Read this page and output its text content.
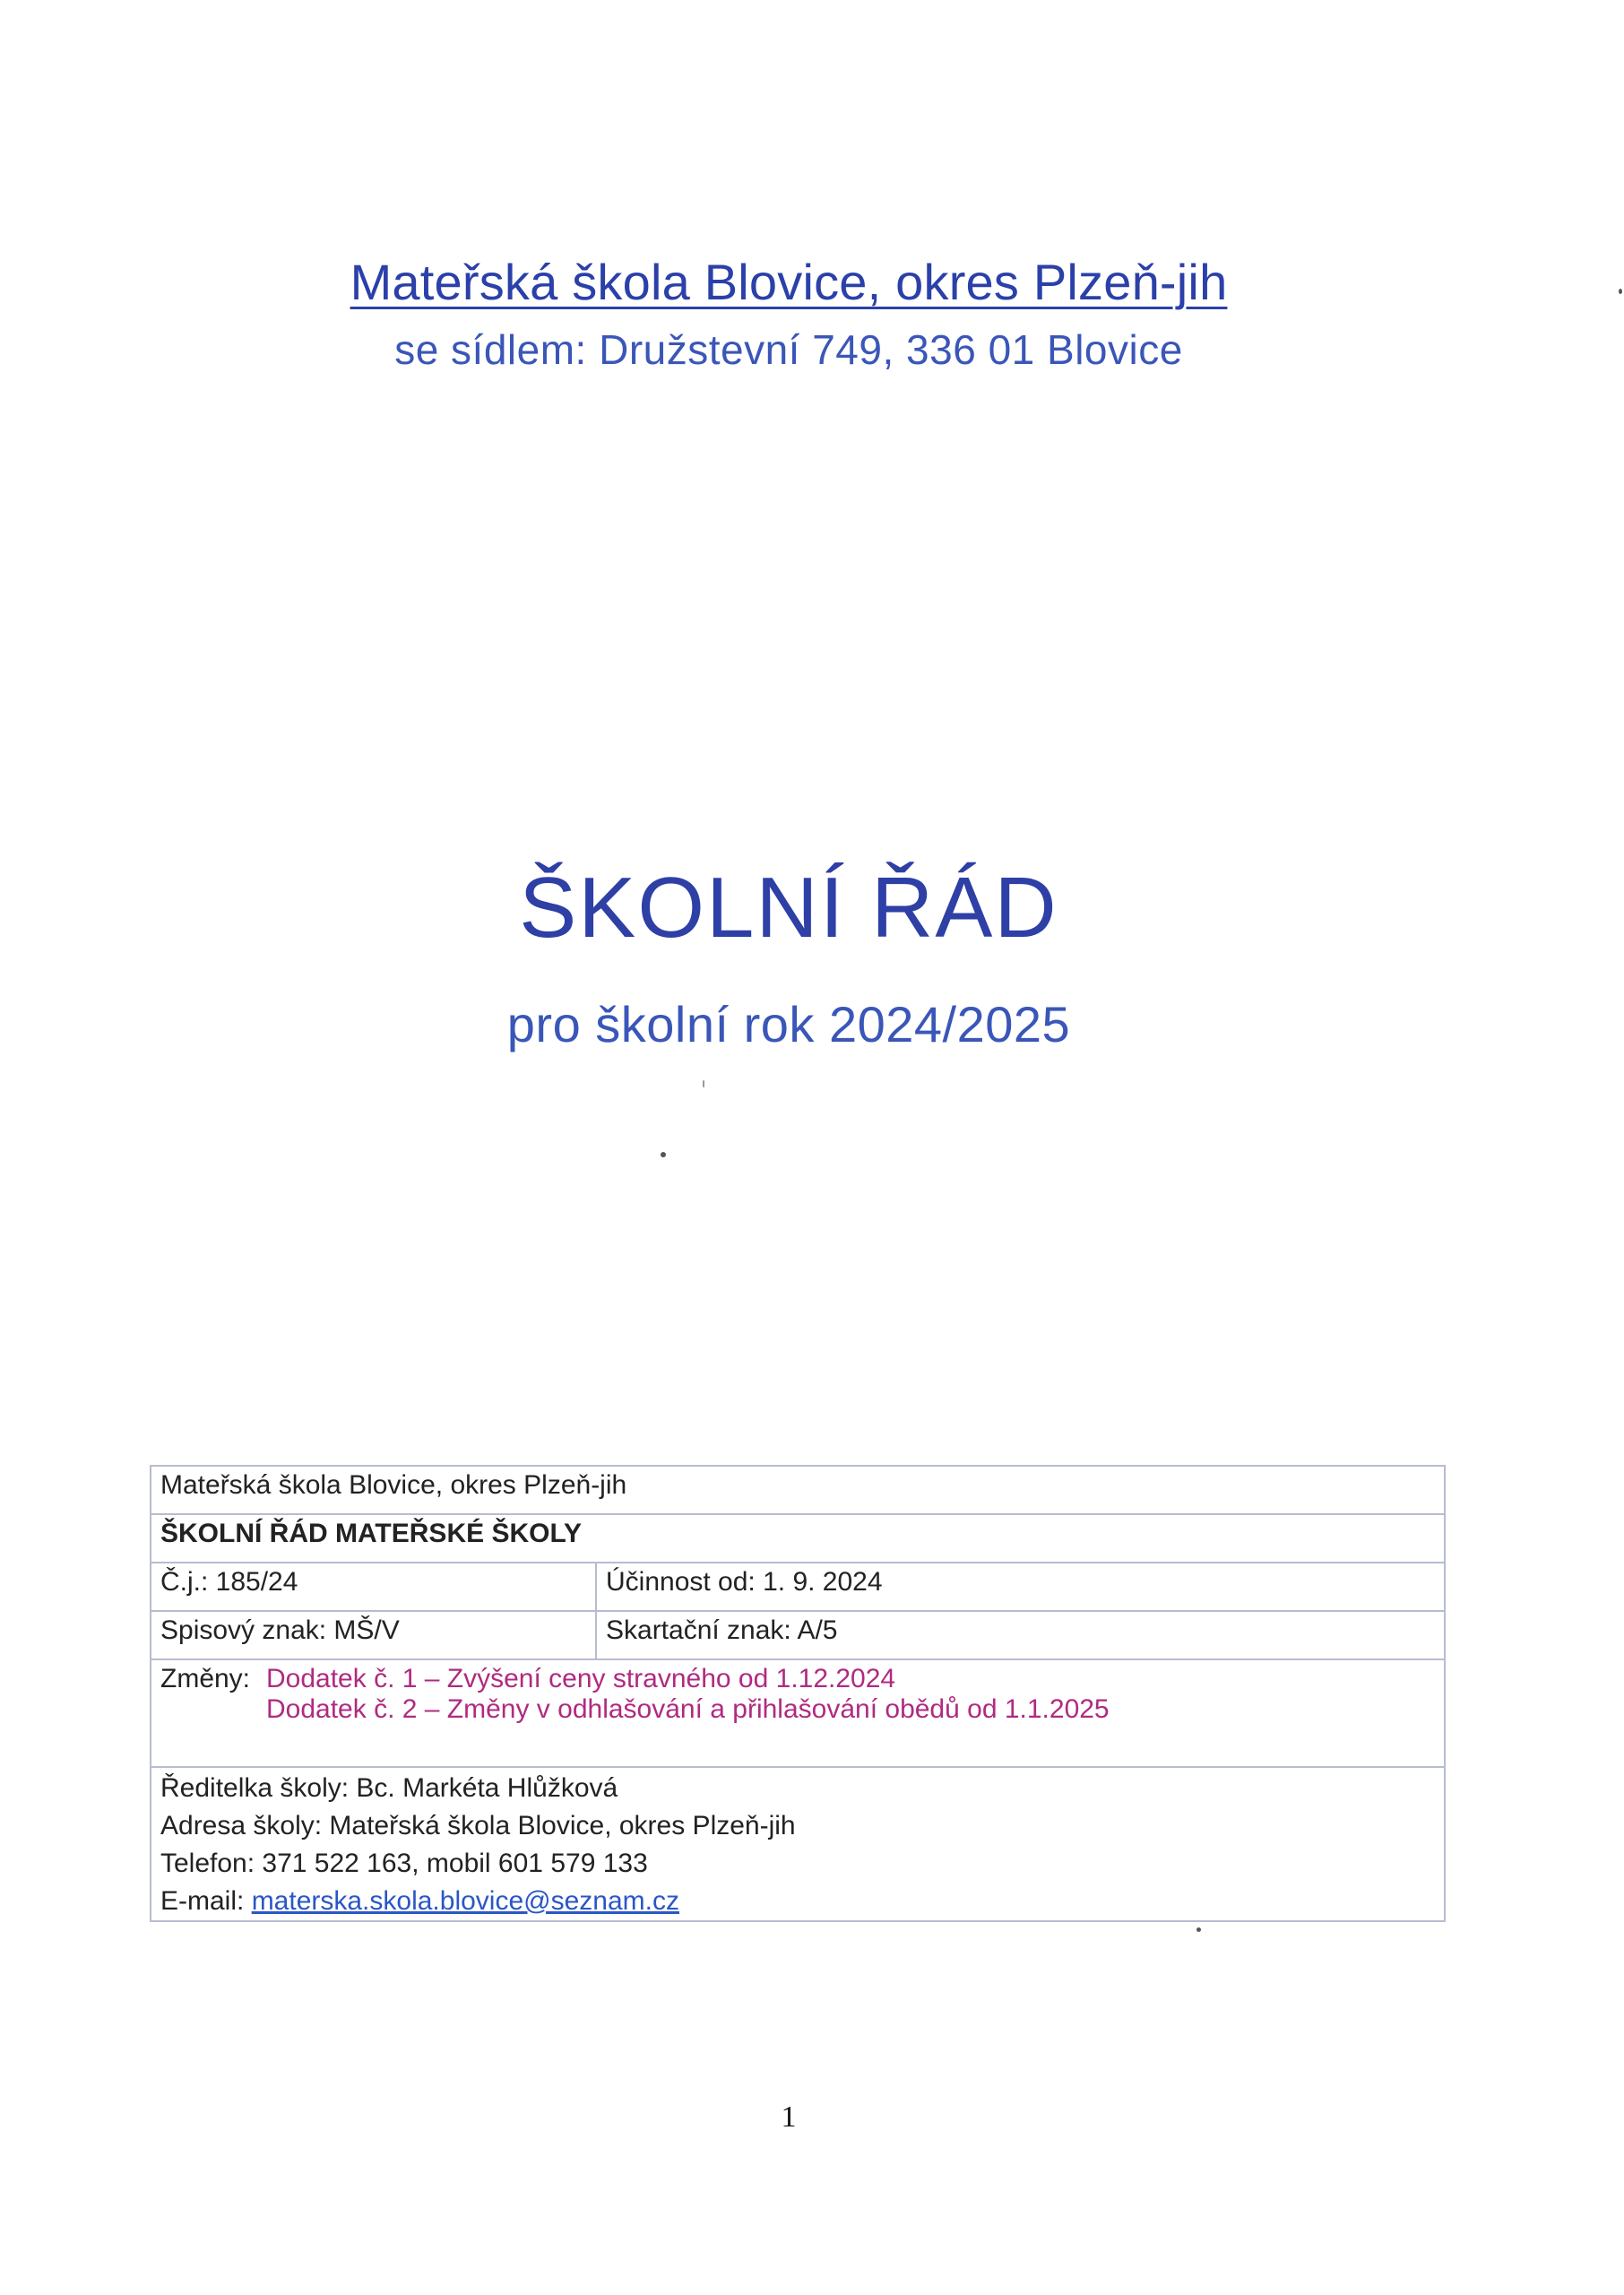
Mateřská škola Blovice, okres Plzeň-jih
se sídlem: Družstevní 749, 336 01 Blovice
ŠKOLNÍ ŘÁD
pro školní rok 2024/2025
Mateřská škola Blovice, okres Plzeň-jih	
ŠKOLNÍ ŘÁD MATEŘSKÉ ŠKOLY	
Č.j.: 185/24	Účinnost od: 1. 9. 2024
Spisový znak: MŠ/V	Skartační znak: A/5

Změny: Dodatek č. 1 – Zvýšení ceny stravného od 1.12.2024
Dodatek č. 2 – Změny v odhlašování a přihlašování obědů od 1.1.2025	

Ředitelka školy: Bc. Markéta Hlůžková
Adresa školy: Mateřská škola Blovice, okres Plzeň-jih
Telefon: 371 522 163, mobil 601 579 133
E-mail: materska.skola.blovice@seznam.cz	
1
